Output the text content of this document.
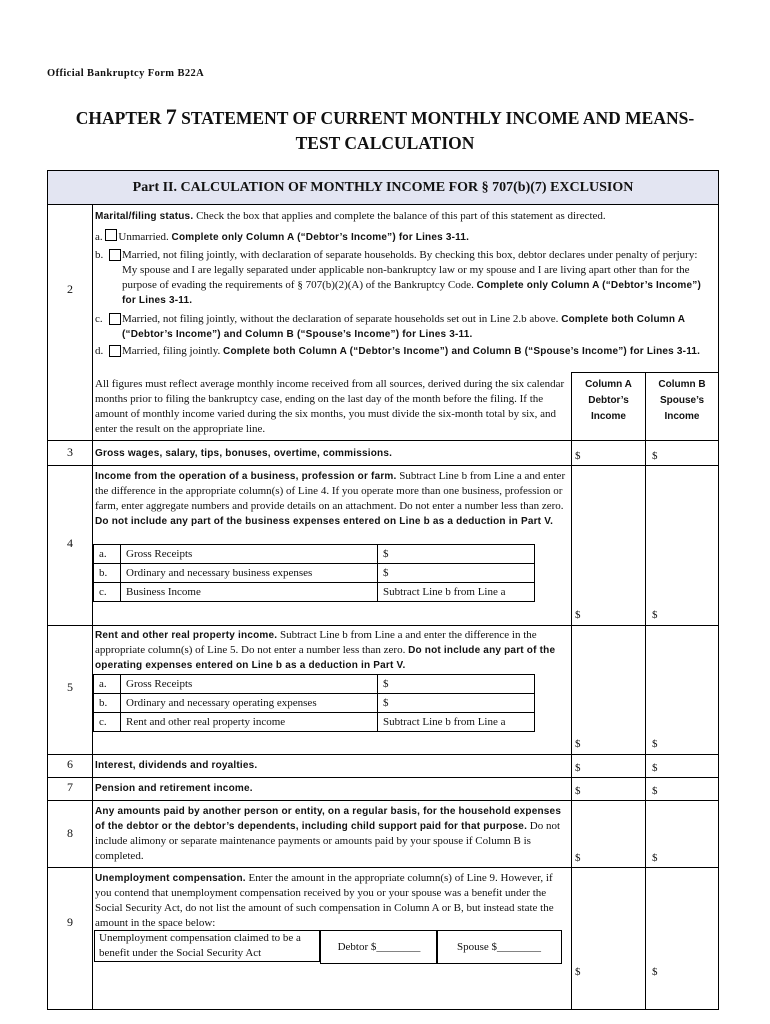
Official Bankruptcy Form B22A
CHAPTER 7 STATEMENT OF CURRENT MONTHLY INCOME AND MEANS-
TEST CALCULATION
Part II. CALCULATION OF MONTHLY INCOME FOR § 707(b)(7) EXCLUSION
2
Marital/filing status. Check the box that applies and complete the balance of this part of this statement as directed.
a. Unmarried. Complete only Column A (“Debtor’s Income”) for Lines 3-11.
b.	Married, not filing jointly, with declaration of separate households. By checking this box, debtor declares under penalty of perjury: My spouse and I are legally separated under applicable non-bankruptcy law or my spouse and I are living apart other than for the purpose of evading the requirements of § 707(b)(2)(A) of the Bankruptcy Code. Complete only Column A (“Debtor’s Income”) for Lines 3-11.
c.	Married, not filing jointly, without the declaration of separate households set out in Line 2.b above. Complete both Column A (“Debtor’s Income”) and Column B (“Spouse’s Income”) for Lines 3-11.
d.	Married, filing jointly. Complete both Column A (“Debtor’s Income”) and Column B (“Spouse’s Income”) for Lines 3-11.
All figures must reflect average monthly income received from all sources, derived during the six calendar months prior to filing the bankruptcy case, ending on the last day of the month before the filing. If the amount of monthly income varied during the six months, you must divide the six-month total by six, and enter the result on the appropriate line.
Column A
Debtor’s
Income
Column B
Spouse’s
Income
3	Gross wages, salary, tips, bonuses, overtime, commissions.	$	$
4
Income from the operation of a business, profession or farm. Subtract Line b from Line a and enter the difference in the appropriate column(s) of Line 4. If you operate more than one business, profession or farm, enter aggregate numbers and provide details on an attachment. Do not enter a number less than zero. Do not include any part of the business expenses entered on Line b as a deduction in Part V.
a.	Gross Receipts	$
b.	Ordinary and necessary business expenses	$
c.	Business Income	Subtract Line b from Line a
$	$
5
Rent and other real property income. Subtract Line b from Line a and enter the difference in the appropriate column(s) of Line 5. Do not enter a number less than zero. Do not include any part of the operating expenses entered on Line b as a deduction in Part V.
a.	Gross Receipts	$
b.	Ordinary and necessary operating expenses	$
c.	Rent and other real property income	Subtract Line b from Line a
$	$
6	Interest, dividends and royalties.	$	$
7	Pension and retirement income.	$	$
8
Any amounts paid by another person or entity, on a regular basis, for the household expenses of the debtor or the debtor’s dependents, including child support paid for that purpose. Do not include alimony or separate maintenance payments or amounts paid by your spouse if Column B is completed.	$	$
9
Unemployment compensation. Enter the amount in the appropriate column(s) of Line 9. However, if you contend that unemployment compensation received by you or your spouse was a benefit under the Social Security Act, do not list the amount of such compensation in Column A or B, but instead state the amount in the space below:
Unemployment compensation claimed to be a benefit under the Social Security Act	Debtor $________	Spouse $________
$	$
